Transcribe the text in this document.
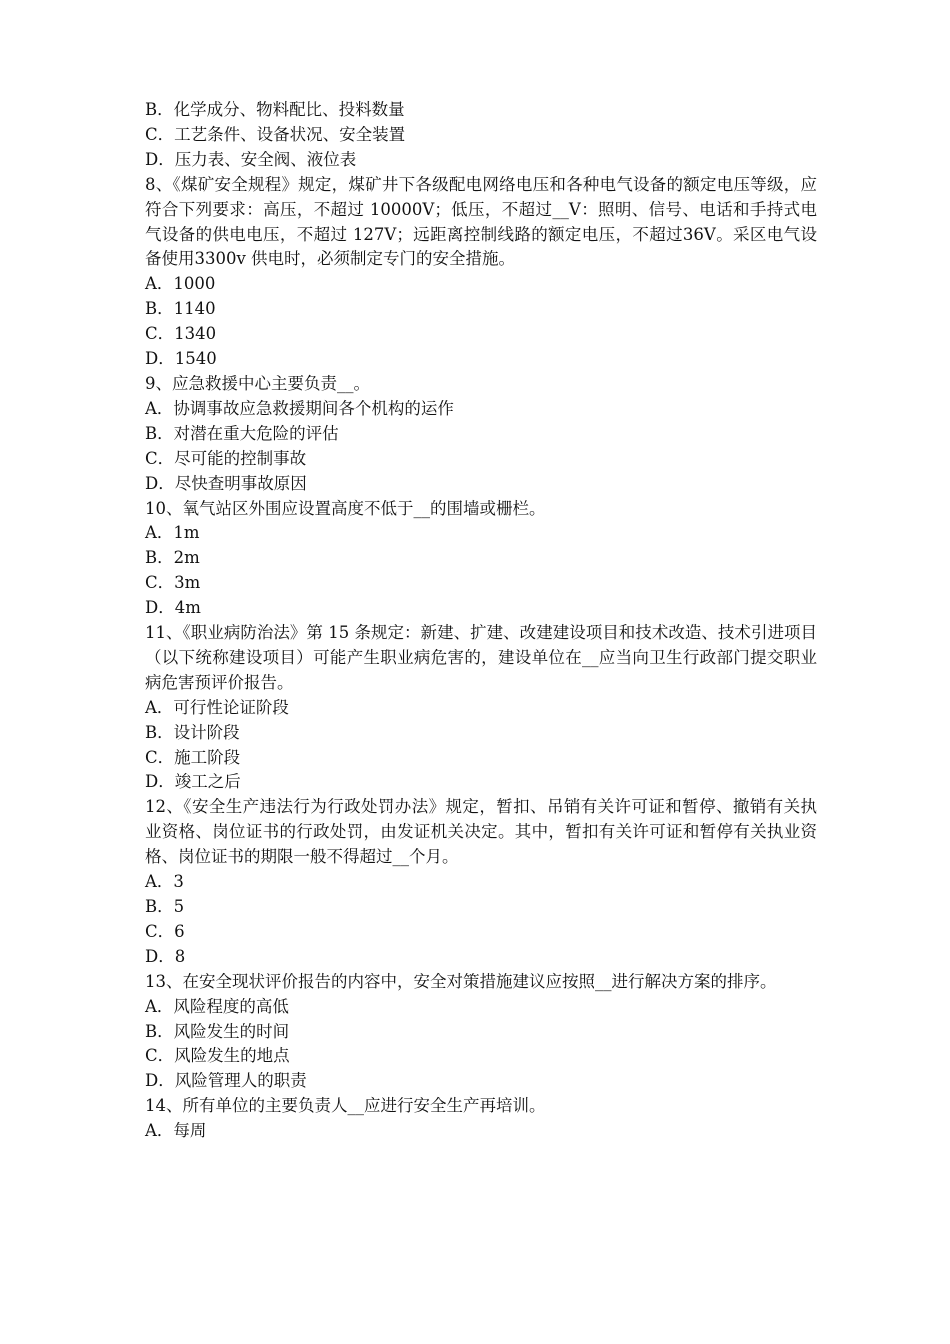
B．化学成分、物料配比、投料数量
C．工艺条件、设备状况、安全装置
D．压力表、安全阀、液位表
8、《煤矿安全规程》规定，煤矿井下各级配电网络电压和各种电气设备的额定电压等级，应符合下列要求：高压，不超过 10000V；低压，不超过__V：照明、信号、电话和手持式电气设备的供电电压，不超过 127V；远距离控制线路的额定电压，不超过36V。采区电气设备使用3300v 供电时，必须制定专门的安全措施。
A．1000
B．1140
C．1340
D．1540
9、应急救援中心主要负责__。
A．协调事故应急救援期间各个机构的运作
B．对潜在重大危险的评估
C．尽可能的控制事故
D．尽快查明事故原因
10、氧气站区外围应设置高度不低于__的围墙或栅栏。
A．1m
B．2m
C．3m
D．4m
11、《职业病防治法》第 15 条规定：新建、扩建、改建建设项目和技术改造、技术引进项目（以下统称建设项目）可能产生职业病危害的，建设单位在__应当向卫生行政部门提交职业病危害预评价报告。
A．可行性论证阶段
B．设计阶段
C．施工阶段
D．竣工之后
12、《安全生产违法行为行政处罚办法》规定，暂扣、吊销有关许可证和暂停、撤销有关执业资格、岗位证书的行政处罚，由发证机关决定。其中，暂扣有关许可证和暂停有关执业资格、岗位证书的期限一般不得超过__个月。
A．3
B．5
C．6
D．8
13、在安全现状评价报告的内容中，安全对策措施建议应按照__进行解决方案的排序。
A．风险程度的高低
B．风险发生的时间
C．风险发生的地点
D．风险管理人的职责
14、所有单位的主要负责人__应进行安全生产再培训。
A．每周
